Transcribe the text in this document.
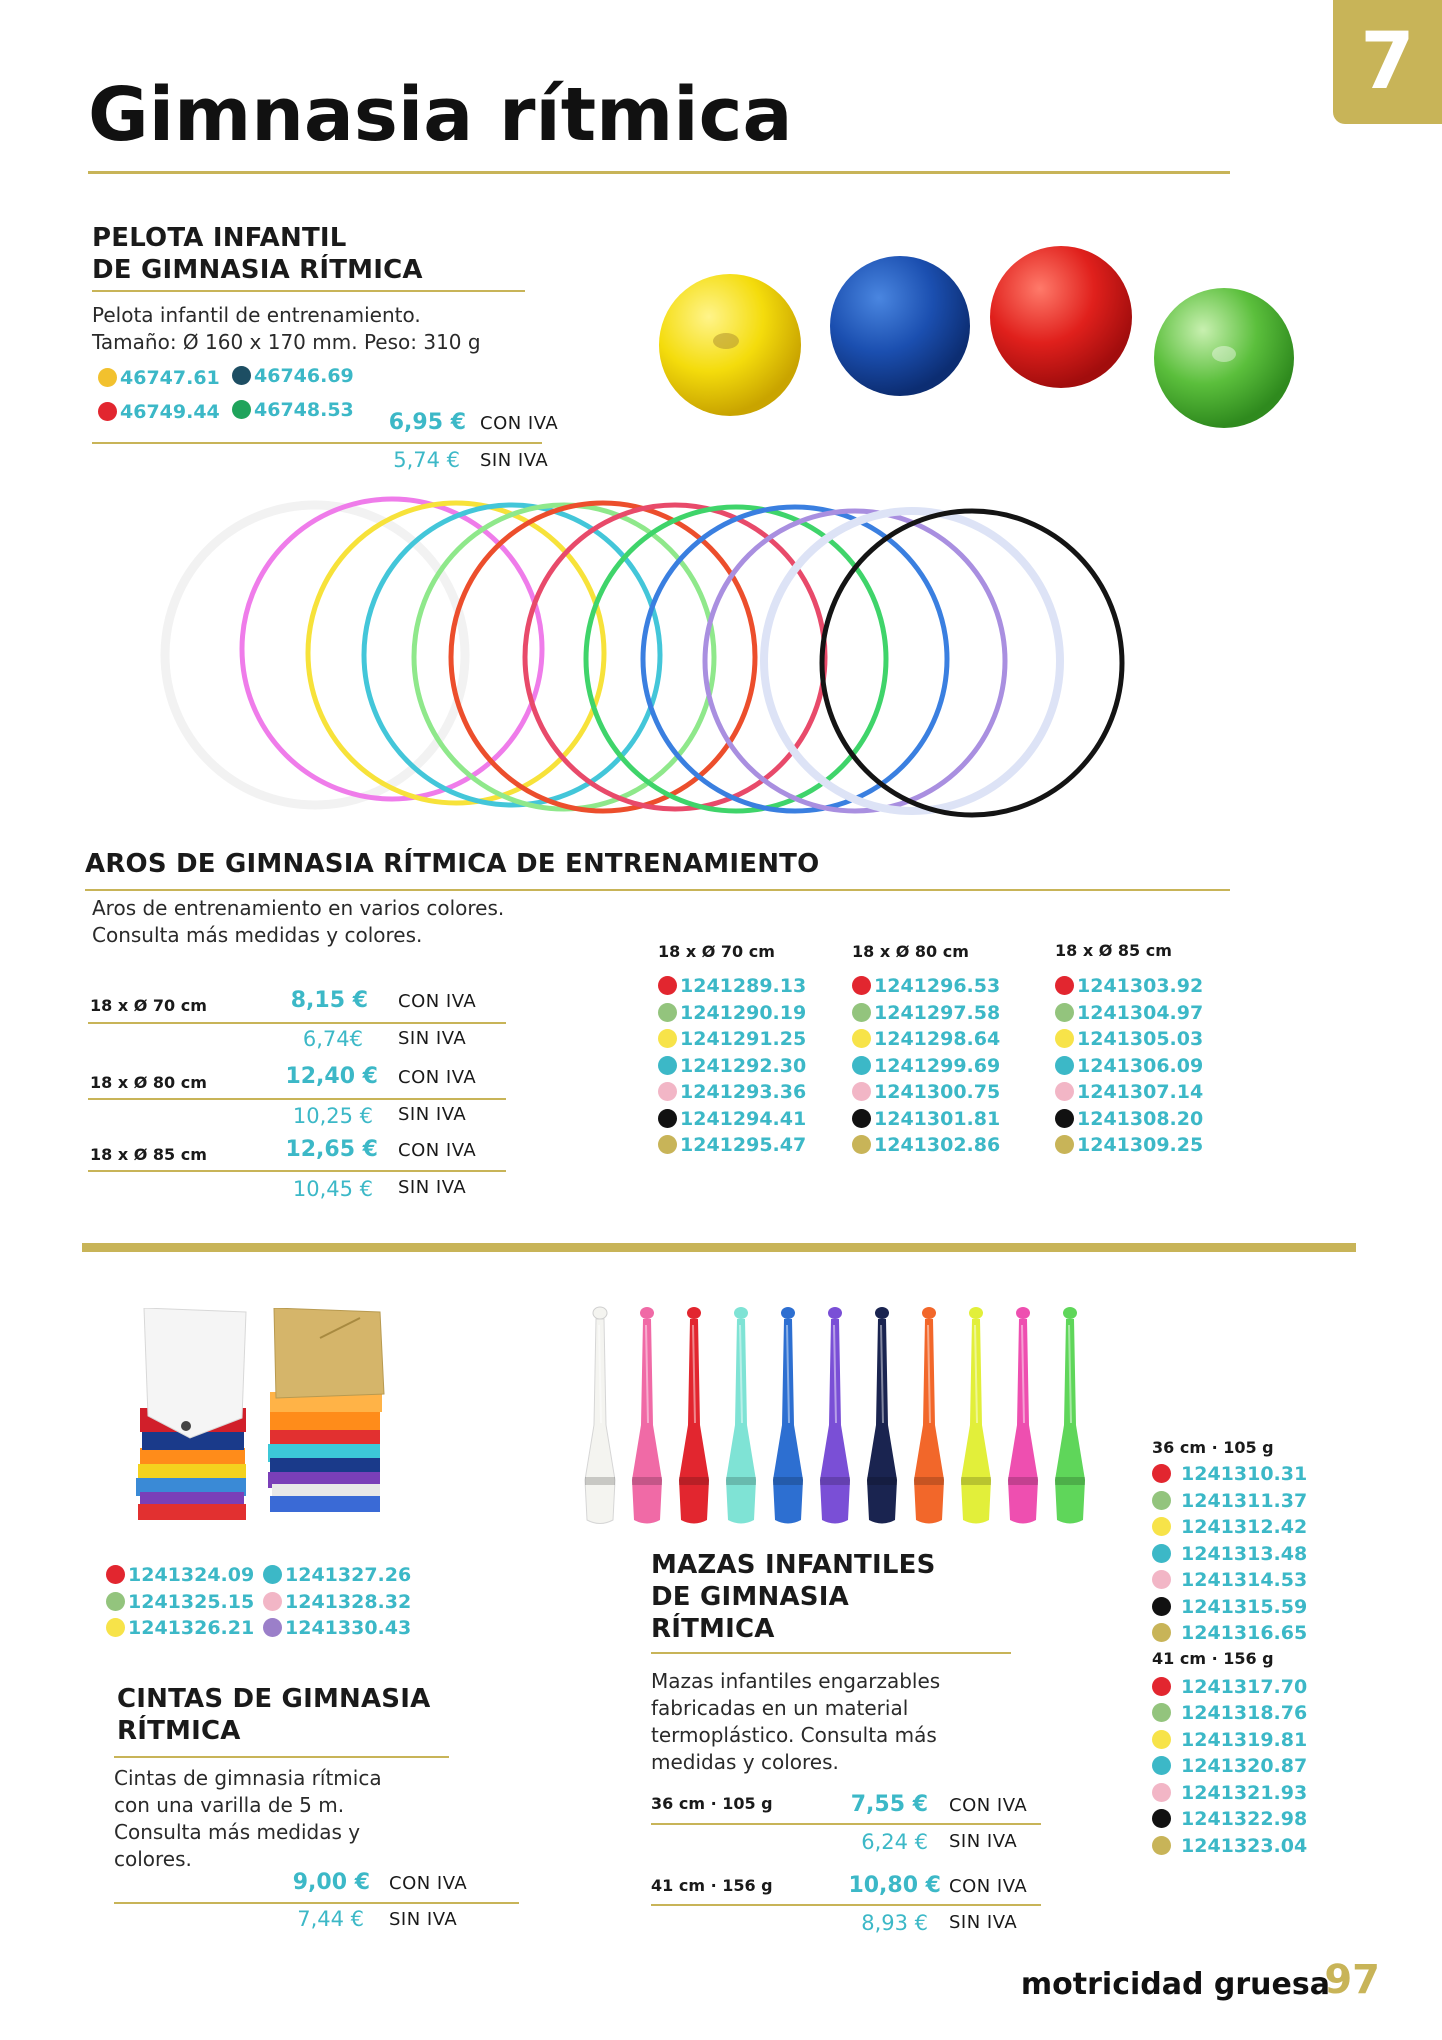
7
Gimnasia rítmica
PELOTA INFANTIL
DE GIMNASIA RÍTMICA
Pelota infantil de entrenamiento.
Tamaño: Ø 160 x 170 mm. Peso: 310 g
46747.61	46746.69
46749.44	46748.53	6,95 € CON IVA
5,74 € SIN IVA
AROS DE GIMNASIA RÍTMICA DE ENTRENAMIENTO
Aros de entrenamiento en varios colores.
Consulta más medidas y colores.
18 x Ø 70 cm	8,15 € CON IVA
6,74€ SIN IVA
18 x Ø 80 cm	12,40 € CON IVA
10,25 € SIN IVA
18 x Ø 85 cm	12,65 € CON IVA
10,45 € SIN IVA
18 x Ø 70 cm
1241289.13
1241290.19
1241291.25
1241292.30
1241293.36
1241294.41
1241295.47
18 x Ø 80 cm
1241296.53
1241297.58
1241298.64
1241299.69
1241300.75
1241301.81
1241302.86
18 x Ø 85 cm
1241303.92
1241304.97
1241305.03
1241306.09
1241307.14
1241308.20
1241309.25
1241324.09
1241325.15
1241326.21
1241327.26
1241328.32
1241330.43
CINTAS DE GIMNASIA
RÍTMICA
Cintas de gimnasia rítmica
con una varilla de 5 m.
Consulta más medidas y
colores.
9,00 € CON IVA
7,44 € SIN IVA
MAZAS INFANTILES
DE GIMNASIA
RÍTMICA
Mazas infantiles engarzables
fabricadas en un material
termoplástico. Consulta más
medidas y colores.
36 cm · 105 g	7,55 € CON IVA
6,24 € SIN IVA
41 cm · 156 g	10,80 € CON IVA
8,93 € SIN IVA
36 cm · 105 g
1241310.31
1241311.37
1241312.42
1241313.48
1241314.53
1241315.59
1241316.65
41 cm · 156 g
1241317.70
1241318.76
1241319.81
1241320.87
1241321.93
1241322.98
1241323.04
motricidad gruesa
97
